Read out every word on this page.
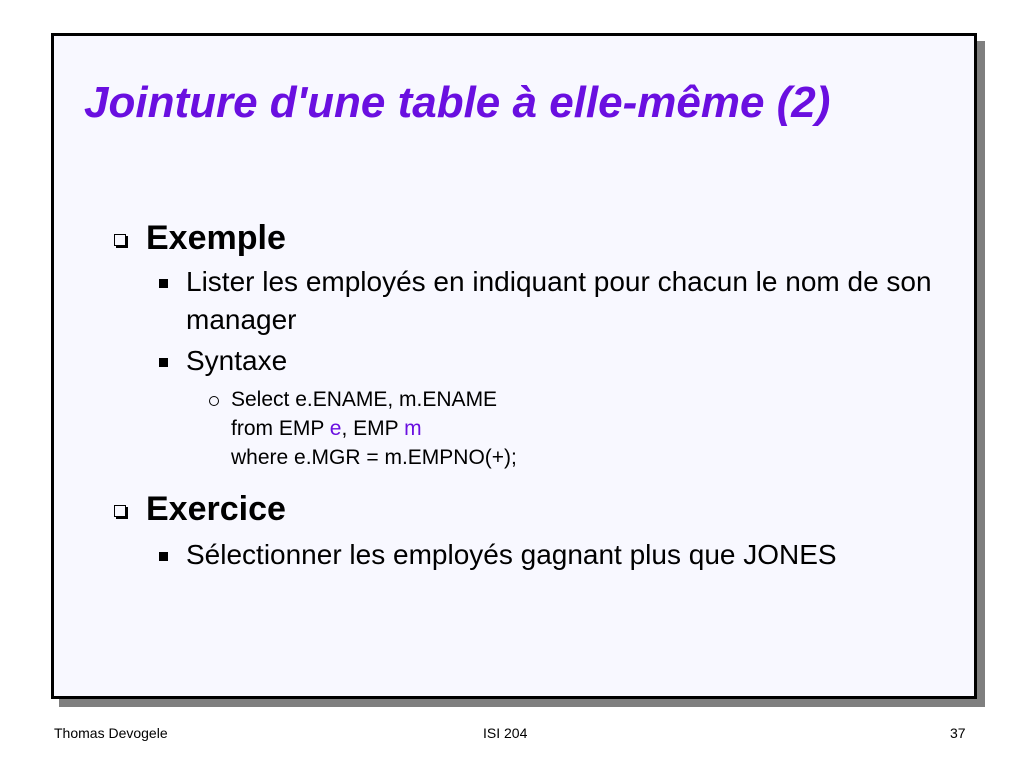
Jointure d'une table à elle-même (2)
Exemple
Lister les employés en indiquant pour chacun le nom de son manager
Syntaxe
Select e.ENAME, m.ENAME
from EMP e, EMP m
where e.MGR = m.EMPNO(+);
Exercice
Sélectionner les employés gagnant plus que JONES
Thomas Devogele	ISI 204	37
